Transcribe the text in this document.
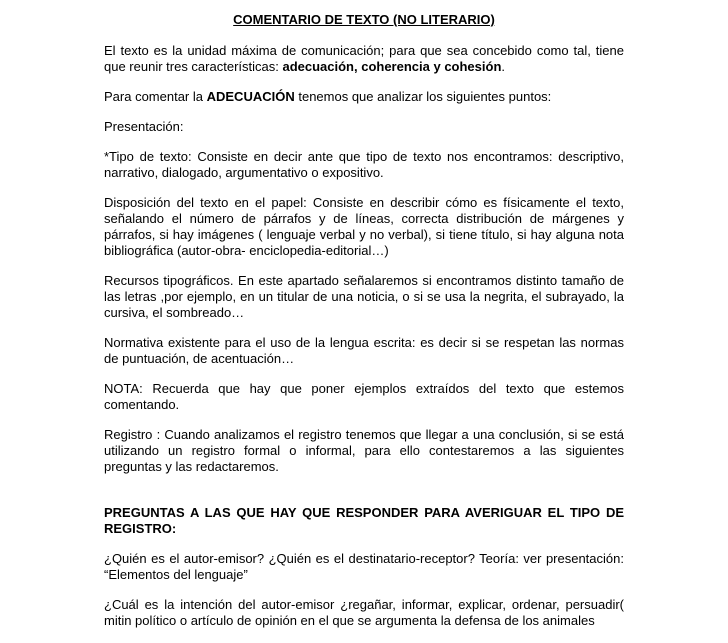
COMENTARIO DE TEXTO (NO LITERARIO)
El texto es la unidad máxima de comunicación; para que sea concebido como tal, tiene que reunir tres características: adecuación, coherencia y cohesión.
Para comentar la ADECUACIÓN tenemos que analizar los siguientes puntos:
Presentación:
*Tipo de texto: Consiste en decir ante que tipo de texto nos encontramos: descriptivo, narrativo, dialogado, argumentativo o expositivo.
Disposición del texto en el papel: Consiste en describir cómo es físicamente el texto, señalando el número de párrafos y de líneas, correcta distribución de márgenes y párrafos, si hay imágenes ( lenguaje verbal y no verbal), si tiene título, si hay alguna nota bibliográfica (autor-obra- enciclopedia-editorial…)
Recursos tipográficos. En este apartado señalaremos si encontramos distinto tamaño de las letras ,por ejemplo, en un titular de una noticia, o si se usa la negrita, el subrayado, la cursiva, el sombreado…
Normativa existente para el uso de la lengua escrita: es decir si se respetan las normas de puntuación, de acentuación…
NOTA: Recuerda que hay que poner ejemplos extraídos del texto que estemos comentando.
Registro : Cuando analizamos el registro tenemos que llegar a una conclusión, si se está utilizando un registro formal o informal, para ello contestaremos a las siguientes preguntas y las redactaremos.
PREGUNTAS A LAS QUE HAY QUE RESPONDER PARA AVERIGUAR EL TIPO DE REGISTRO:
¿Quién es el autor-emisor? ¿Quién es el destinatario-receptor? Teoría: ver presentación: “Elementos del lenguaje”
¿Cuál es la intención del autor-emisor ¿regañar, informar, explicar, ordenar, persuadir( mitin político o artículo de opinión en el que se argumenta la defensa de los animales
